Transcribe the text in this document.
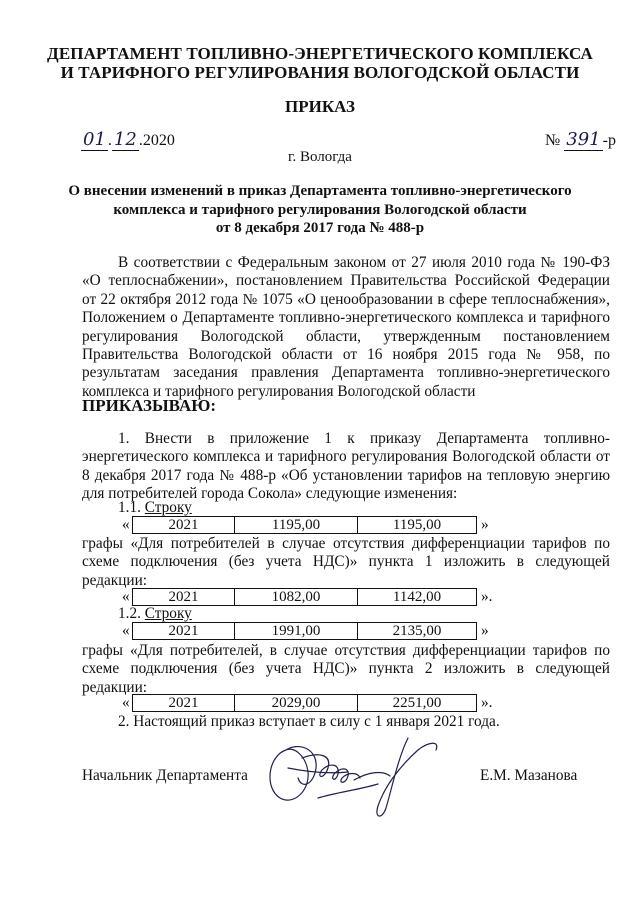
ДЕПАРТАМЕНТ ТОПЛИВНО-ЭНЕРГЕТИЧЕСКОГО КОМПЛЕКСА
И ТАРИФНОГО РЕГУЛИРОВАНИЯ ВОЛОГОДСКОЙ ОБЛАСТИ
ПРИКАЗ
01 . 12 .2020	№ 391 -р
г. Вологда
О внесении изменений в приказ Департамента топливно-энергетического
комплекса и тарифного регулирования Вологодской области
от 8 декабря 2017 года № 488-р
В соответствии с Федеральным законом от 27 июля 2010 года № 190-ФЗ
«О теплоснабжении», постановлением Правительства Российской Федерации
от 22 октября 2012 года № 1075 «О ценообразовании в сфере теплоснабжения»,
Положением о Департаменте топливно-энергетического комплекса и тарифного
регулирования Вологодской области, утвержденным постановлением
Правительства Вологодской области от 16 ноября 2015 года № 958, по
результатам заседания правления Департамента топливно-энергетического
комплекса и тарифного регулирования Вологодской области
ПРИКАЗЫВАЮ:
1. Внести в приложение 1 к приказу Департамента топливно-
энергетического комплекса и тарифного регулирования Вологодской области от
8 декабря 2017 года № 488-р «Об установлении тарифов на тепловую энергию
для потребителей города Сокола» следующие изменения:
1.1. Строку
«	2021	1195,00	1195,00	»
графы «Для потребителей в случае отсутствия дифференциации тарифов по
схеме подключения (без учета НДС)» пункта 1 изложить в следующей
редакции:
«	2021	1082,00	1142,00	».
1.2. Строку
«	2021	1991,00	2135,00	»
графы «Для потребителей, в случае отсутствия дифференциации тарифов по
схеме подключения (без учета НДС)» пункта 2 изложить в следующей
редакции:
«	2021	2029,00	2251,00	».
2. Настоящий приказ вступает в силу с 1 января 2021 года.
Начальник Департамента	Е.М. Мазанова
